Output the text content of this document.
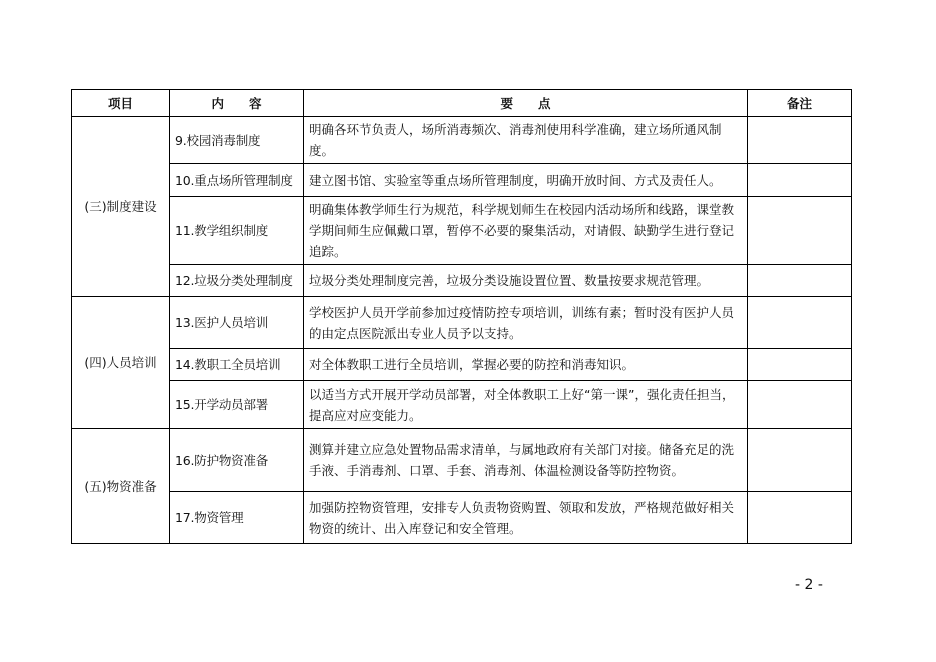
项目	内　　容	要　　点	备注
(三)制度建设	9.校园消毒制度	明确各环节负责人，场所消毒频次、消毒剂使用科学准确，建立场所通风制度。	
	10.重点场所管理制度	建立图书馆、实验室等重点场所管理制度，明确开放时间、方式及责任人。	
	11.教学组织制度	明确集体教学师生行为规范，科学规划师生在校园内活动场所和线路，课堂教学期间师生应佩戴口罩，暂停不必要的聚集活动，对请假、缺勤学生进行登记追踪。	
	12.垃圾分类处理制度	垃圾分类处理制度完善，垃圾分类设施设置位置、数量按要求规范管理。	
(四)人员培训	13.医护人员培训	学校医护人员开学前参加过疫情防控专项培训，训练有素；暂时没有医护人员的由定点医院派出专业人员予以支持。	
	14.教职工全员培训	对全体教职工进行全员培训，掌握必要的防控和消毒知识。	
	15.开学动员部署	以适当方式开展开学动员部署，对全体教职工上好“第一课”，强化责任担当，提高应对应变能力。	
(五)物资准备	16.防护物资准备	测算并建立应急处置物品需求清单，与属地政府有关部门对接。储备充足的洗手液、手消毒剂、口罩、手套、消毒剂、体温检测设备等防控物资。	
	17.物资管理	加强防控物资管理，安排专人负责物资购置、领取和发放，严格规范做好相关物资的统计、出入库登记和安全管理。	
- 2 -
